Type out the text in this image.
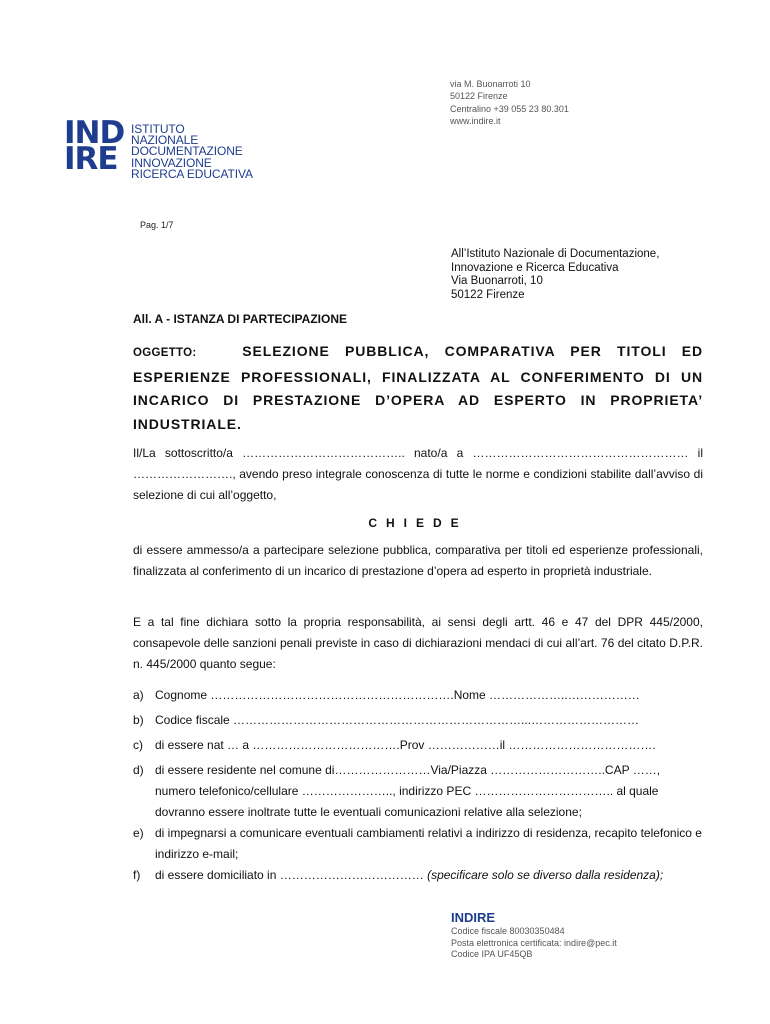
via M. Buonarroti 10
50122 Firenze
Centralino +39 055 23 80.301
www.indire.it
IND
IRE
ISTITUTO
NAZIONALE
DOCUMENTAZIONE
INNOVAZIONE
RICERCA EDUCATIVA
Pag. 1/7
All’Istituto Nazionale di Documentazione,
Innovazione e Ricerca Educativa
Via Buonarroti, 10
50122 Firenze
All. A - ISTANZA DI PARTECIPAZIONE
OGGETTO:	SELEZIONE PUBBLICA, COMPARATIVA PER TITOLI ED ESPERIENZE PROFESSIONALI, FINALIZZATA AL CONFERIMENTO DI UN INCARICO DI PRESTAZIONE D’OPERA AD ESPERTO IN PROPRIETA’ INDUSTRIALE.
Il/La sottoscritto/a ………………………………….. nato/a a ……………………………………………… il ……………………., avendo preso integrale conoscenza di tutte le norme e condizioni stabilite dall’avviso di selezione di cui all’oggetto,
CHIEDE
di essere ammesso/a a partecipare selezione pubblica, comparativa per titoli ed esperienze professionali, finalizzata al conferimento di un incarico di prestazione d’opera ad esperto in proprietà industriale.
E a tal fine dichiara sotto la propria responsabilità, ai sensi degli artt. 46 e 47 del DPR 445/2000, consapevole delle sanzioni penali previste in caso di dichiarazioni mendaci di cui all’art. 76 del citato D.P.R. n. 445/2000 quanto segue:
a) Cognome …………………………………………………….Nome ………………..………………
b) Codice fiscale ………………………………………………………………...………………………
c) di essere nat … a ……………………………….Prov ………………il ……………………………….
d) di essere residente nel comune di……………………Via/Piazza ………………………..CAP ……,
numero telefonico/cellulare ………………….., indirizzo PEC …………………………….. al quale dovranno essere inoltrate tutte le eventuali comunicazioni relative alla selezione;
e) di impegnarsi a comunicare eventuali cambiamenti relativi a indirizzo di residenza, recapito telefonico e indirizzo e-mail;
f) di essere domiciliato in ……………………………… (specificare solo se diverso dalla residenza);
INDIRE
Codice fiscale 80030350484
Posta elettronica certificata: indire@pec.it
Codice IPA UF45QB
